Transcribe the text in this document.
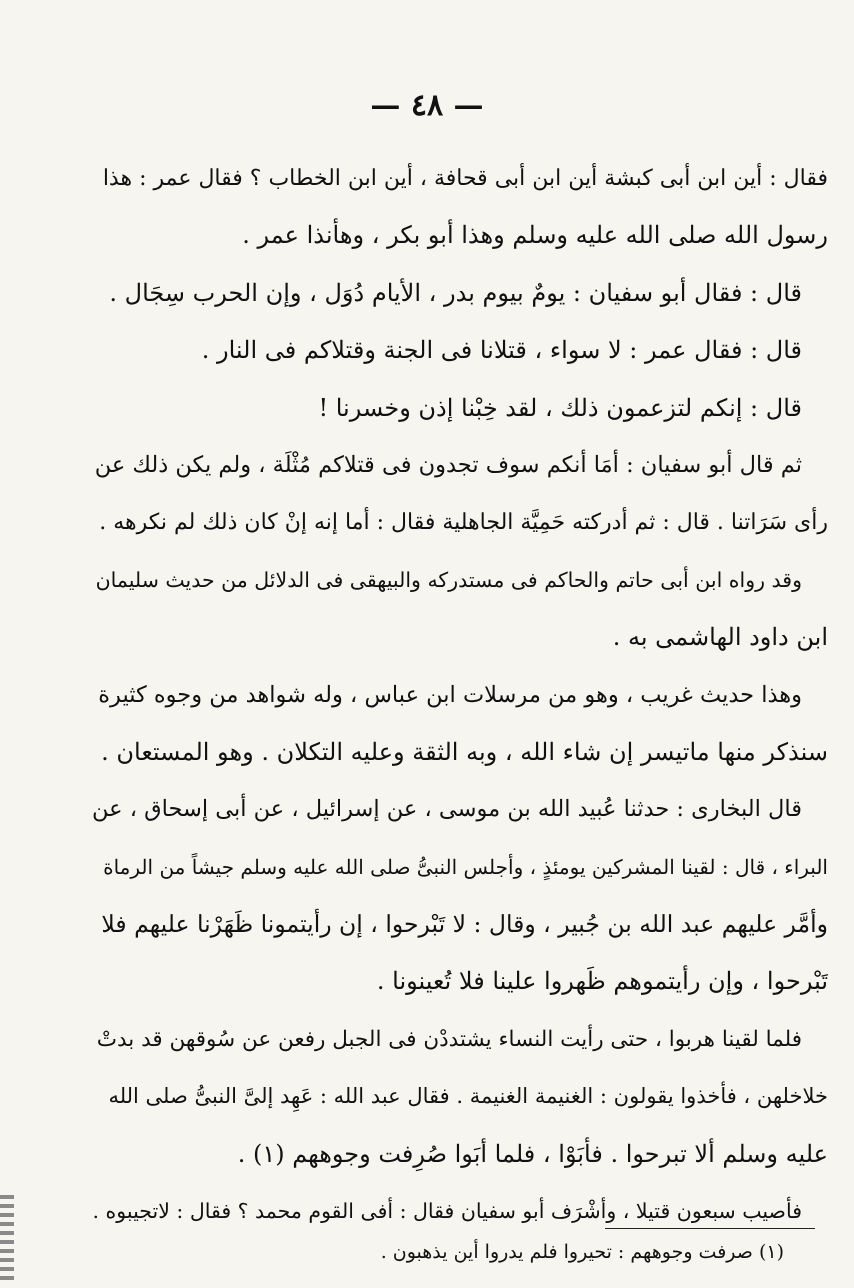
— ٤٨ —
فقال : أين ابن أبى كبشة أين ابن أبى قحافة ، أين ابن الخطاب ؟ فقال عمر : هذا
رسول الله صلى الله عليه وسلم وهذا أبو بكر ، وهأنذا عمر .
قال : فقال أبو سفيان : يومٌ بيوم بدر ، الأيام دُوَل ، وإن الحرب سِجَال .
قال : فقال عمر : لا سواء ، قتلانا فى الجنة وقتلاكم فى النار .
قال : إنكم لتزعمون ذلك ، لقد خِبْنا إذن وخسرنا !
ثم قال أبو سفيان : أمَا أنكم سوف تجدون فى قتلاكم مُثْلَة ، ولم يكن ذلك عن
رأى سَرَاتنا . قال : ثم أدركته حَمِيَّة الجاهلية فقال : أما إنه إنْ كان ذلك لم نكرهه .
وقد رواه ابن أبى حاتم والحاكم فى مستدركه والبيهقى فى الدلائل من حديث سليمان
ابن داود الهاشمى به .
وهذا حديث غريب ، وهو من مرسلات ابن عباس ، وله شواهد من وجوه كثيرة
سنذكر منها ماتيسر إن شاء الله ، وبه الثقة وعليه التكلان . وهو المستعان .
قال البخارى : حدثنا عُبيد الله بن موسى ، عن إسرائيل ، عن أبى إسحاق ، عن
البراء ، قال : لقينا المشركين يومئذٍ ، وأجلس النبىُّ صلى الله عليه وسلم جيشاً من الرماة
وأمَّر عليهم عبد الله بن جُبير ، وقال : لا تَبْرحوا ، إن رأيتمونا ظَهَرْنا عليهم فلا
تَبْرحوا ، وإن رأيتموهم ظَهروا علينا فلا تُعينونا .
فلما لقينا هربوا ، حتى رأيت النساء يشتددْن فى الجبل رفعن عن سُوقهن قد بدتْ
خلاخلهن ، فأخذوا يقولون : الغنيمة الغنيمة . فقال عبد الله : عَهِد إلىَّ النبىُّ صلى الله
عليه وسلم ألا تبرحوا . فأبَوْا ، فلما أبَوا صُرِفت وجوههم (١) .
فأصيب سبعون قتيلا ، وأشْرَف أبو سفيان فقال : أفى القوم محمد ؟ فقال : لاتجيبوه .
(١) صرفت وجوههم : تحيروا فلم يدروا أين يذهبون .
